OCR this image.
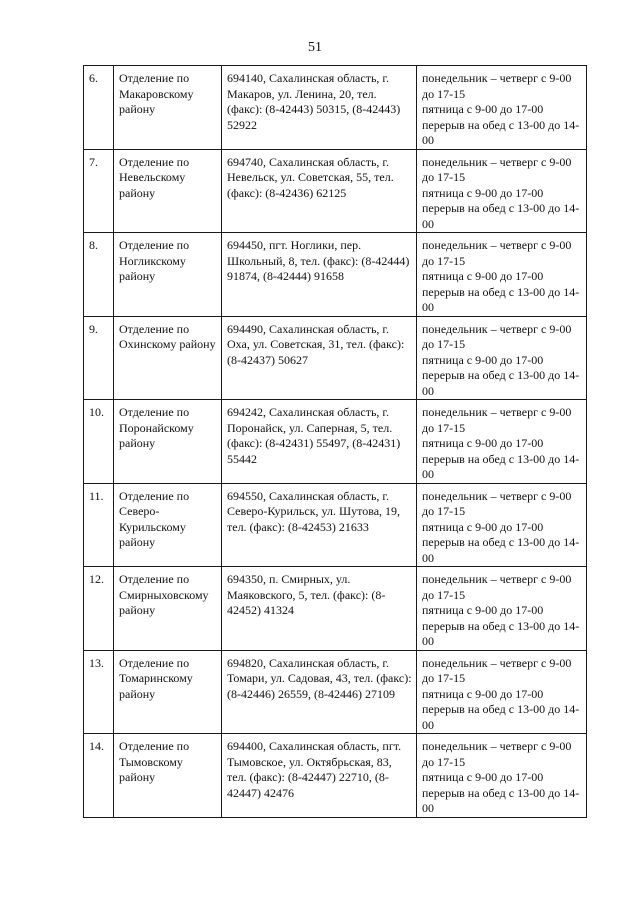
51
6.	Отделение по Макаровскому району	694140, Сахалинская область, г. Макаров, ул. Ленина, 20, тел. (факс): (8-42443) 50315, (8-42443) 52922	понедельник – четверг с 9-00 до 17-15
пятница с 9-00 до 17-00
перерыв на обед с 13-00 до 14-00

7.	Отделение по Невельскому району	694740, Сахалинская область, г. Невельск, ул. Советская, 55, тел. (факс): (8-42436) 62125	понедельник – четверг с 9-00 до 17-15
пятница с 9-00 до 17-00
перерыв на обед с 13-00 до 14-00

8.	Отделение по Ногликскому району	694450, пгт. Ноглики, пер. Школьный, 8, тел. (факс): (8-42444) 91874, (8-42444) 91658	понедельник – четверг с 9-00 до 17-15
пятница с 9-00 до 17-00
перерыв на обед с 13-00 до 14-00

9.	Отделение по Охинскому району	694490, Сахалинская область, г. Оха, ул. Советская, 31, тел. (факс): (8-42437) 50627	понедельник – четверг с 9-00 до 17-15
пятница с 9-00 до 17-00
перерыв на обед с 13-00 до 14-00

10.	Отделение по Поронайскому району	694242, Сахалинская область, г. Поронайск, ул. Саперная, 5, тел. (факс): (8-42431) 55497, (8-42431) 55442	понедельник – четверг с 9-00 до 17-15
пятница с 9-00 до 17-00
перерыв на обед с 13-00 до 14-00

11.	Отделение по Северо-Курильскому району	694550, Сахалинская область, г. Северо-Курильск, ул. Шутова, 19, тел. (факс): (8-42453) 21633	понедельник – четверг с 9-00 до 17-15
пятница с 9-00 до 17-00
перерыв на обед с 13-00 до 14-00

12.	Отделение по Смирныховскому району	694350, п. Смирных, ул. Маяковского, 5, тел. (факс): (8-42452) 41324	понедельник – четверг с 9-00 до 17-15
пятница с 9-00 до 17-00
перерыв на обед с 13-00 до 14-00

13.	Отделение по Томаринскому району	694820, Сахалинская область, г. Томари, ул. Садовая, 43, тел. (факс): (8-42446) 26559, (8-42446) 27109	понедельник – четверг с 9-00 до 17-15
пятница с 9-00 до 17-00
перерыв на обед с 13-00 до 14-00

14.	Отделение по Тымовскому району	694400, Сахалинская область, пгт. Тымовское, ул. Октябрьская, 83, тел. (факс): (8-42447) 22710, (8-42447) 42476	понедельник – четверг с 9-00 до 17-15
пятница с 9-00 до 17-00
перерыв на обед с 13-00 до 14-00
